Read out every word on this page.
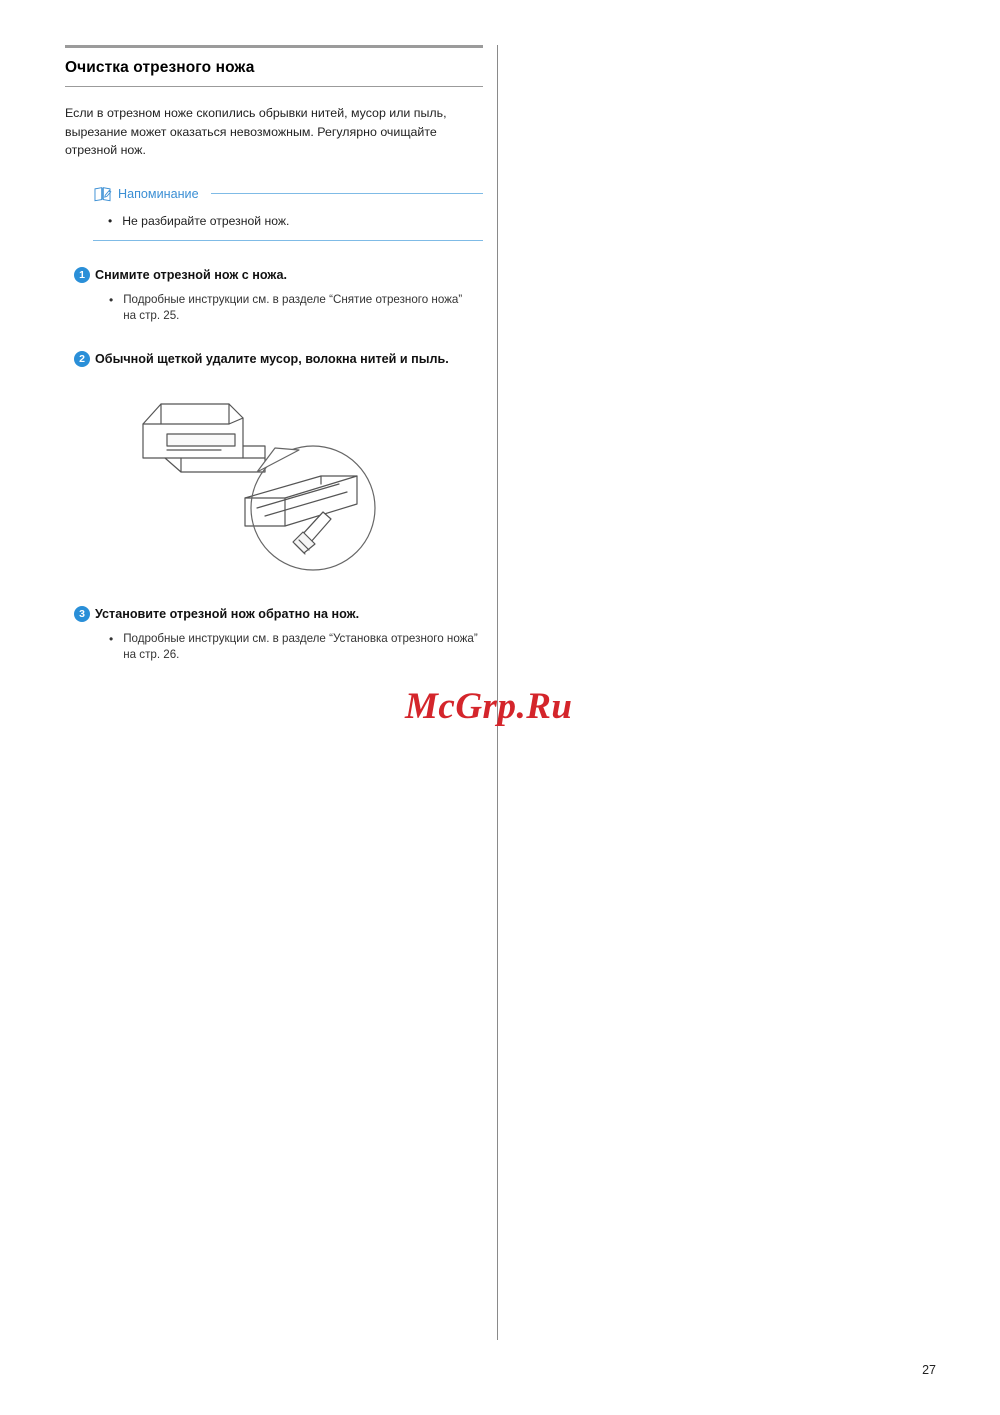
Очистка отрезного ножа

Если в отрезном ноже скопились обрывки нитей, мусор или пыль, вырезание может оказаться невозможным. Регулярно очищайте отрезной нож.

Напоминание
• Не разбирайте отрезной нож.
1 Снимите отрезной нож с ножа.

• Подробные инструкции см. в разделе “Снятие отрезного ножа” на стр. 25.
2 Обычной щеткой удалите мусор, волокна нитей и пыль.

3 Установите отрезной нож обратно на нож.

• Подробные инструкции см. в разделе “Установка отрезного ножа” на стр. 26.
McGrp.Ru
27
